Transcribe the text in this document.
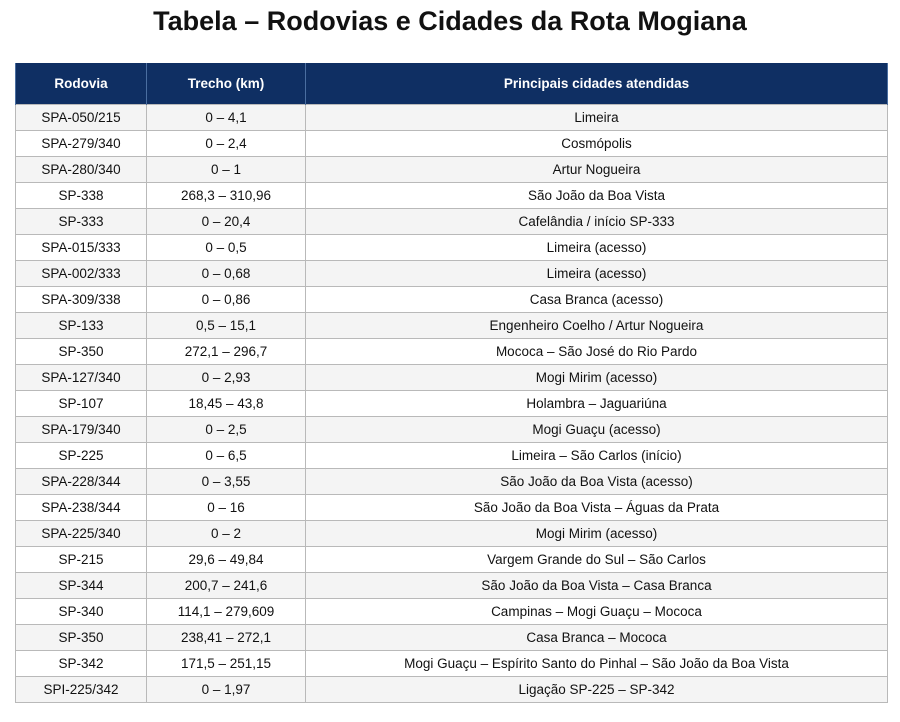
Tabela – Rodovias e Cidades da Rota Mogiana
Rodovia	Trecho (km)	Principais cidades atendidas
SPA-050/215	0 – 4,1	Limeira
SPA-279/340	0 – 2,4	Cosmópolis
SPA-280/340	0 – 1	Artur Nogueira
SP-338	268,3 – 310,96	São João da Boa Vista
SP-333	0 – 20,4	Cafelândia / início SP-333
SPA-015/333	0 – 0,5	Limeira (acesso)
SPA-002/333	0 – 0,68	Limeira (acesso)
SPA-309/338	0 – 0,86	Casa Branca (acesso)
SP-133	0,5 – 15,1	Engenheiro Coelho / Artur Nogueira
SP-350	272,1 – 296,7	Mococa – São José do Rio Pardo
SPA-127/340	0 – 2,93	Mogi Mirim (acesso)
SP-107	18,45 – 43,8	Holambra – Jaguariúna
SPA-179/340	0 – 2,5	Mogi Guaçu (acesso)
SP-225	0 – 6,5	Limeira – São Carlos (início)
SPA-228/344	0 – 3,55	São João da Boa Vista (acesso)
SPA-238/344	0 – 16	São João da Boa Vista – Águas da Prata
SPA-225/340	0 – 2	Mogi Mirim (acesso)
SP-215	29,6 – 49,84	Vargem Grande do Sul – São Carlos
SP-344	200,7 – 241,6	São João da Boa Vista – Casa Branca
SP-340	114,1 – 279,609	Campinas – Mogi Guaçu – Mococa
SP-350	238,41 – 272,1	Casa Branca – Mococa
SP-342	171,5 – 251,15	Mogi Guaçu – Espírito Santo do Pinhal – São João da Boa Vista
SPI-225/342	0 – 1,97	Ligação SP-225 – SP-342
